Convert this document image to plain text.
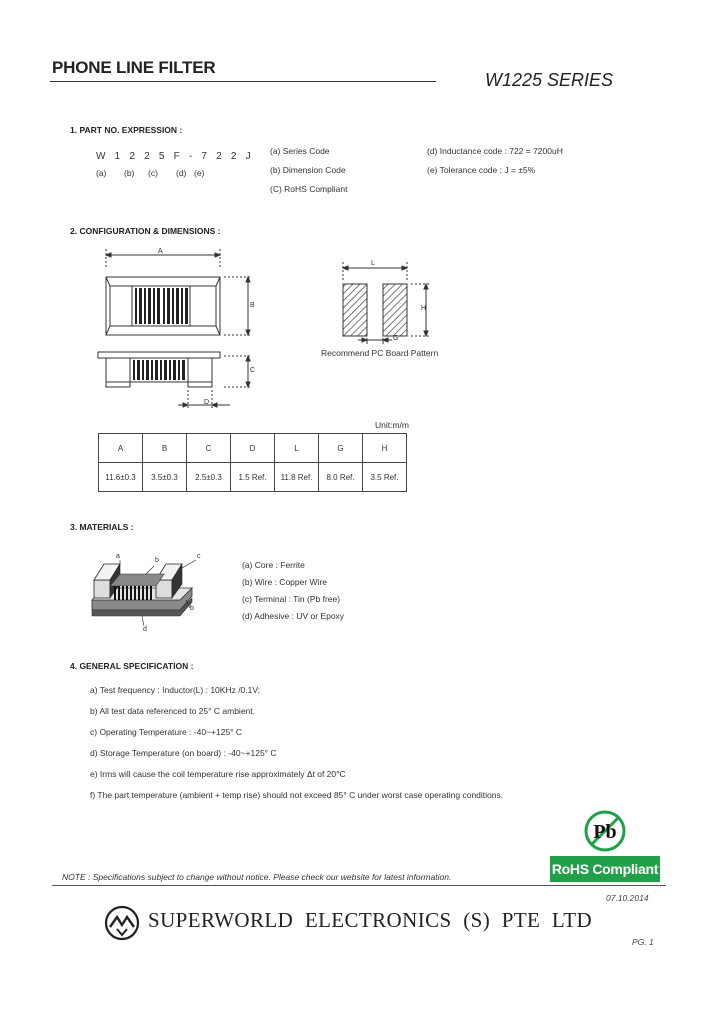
PHONE LINE FILTER
W1225 SERIES
1. PART NO. EXPRESSION :
W 1 2 2 5 F - 7 2 2 J
(a) (b) (c) (d) (e)
(a) Series Code
(b) Dimension Code
(C) RoHS Compliant
(d) Inductance code : 722 = 7200uH
(e) Tolerance code : J = ±5%
2. CONFIGURATION & DIMENSIONS :
A
B
C
D
L
G
H
Recommend PC Board Pattern
Unit:m/m
A	B	C	D	L	G	H
11.6±0.3	3.5±0.3	2.5±0.3	1.5 Ref.	11.8 Ref.	8.0 Ref.	3.5 Ref.
3. MATERIALS :
a
b
c
b
d
(a) Core : Ferrite
(b) Wire : Copper Wire
(c) Terminal : Tin (Pb free)
(d) Adhesive : UV or Epoxy
4. GENERAL SPECIFICATION :
a) Test frequency : Inductor(L) : 10KHz /0.1V;
b) All test data referenced to 25° C ambient.
c) Operating Temperature : -40~+125° C
d) Storage Temperature (on board) : -40~+125° C
e) Irms will cause the coil temperature rise approximately Δt of 20°C
f) The part temperature (ambient + temp rise) should not exceed 85° C under worst case operating conditions.
Pb
RoHS Compliant
NOTE : Specifications subject to change without notice. Please check our website for latest information.
07.10.2014
SUPERWORLD ELECTRONICS (S) PTE LTD
PG. 1
